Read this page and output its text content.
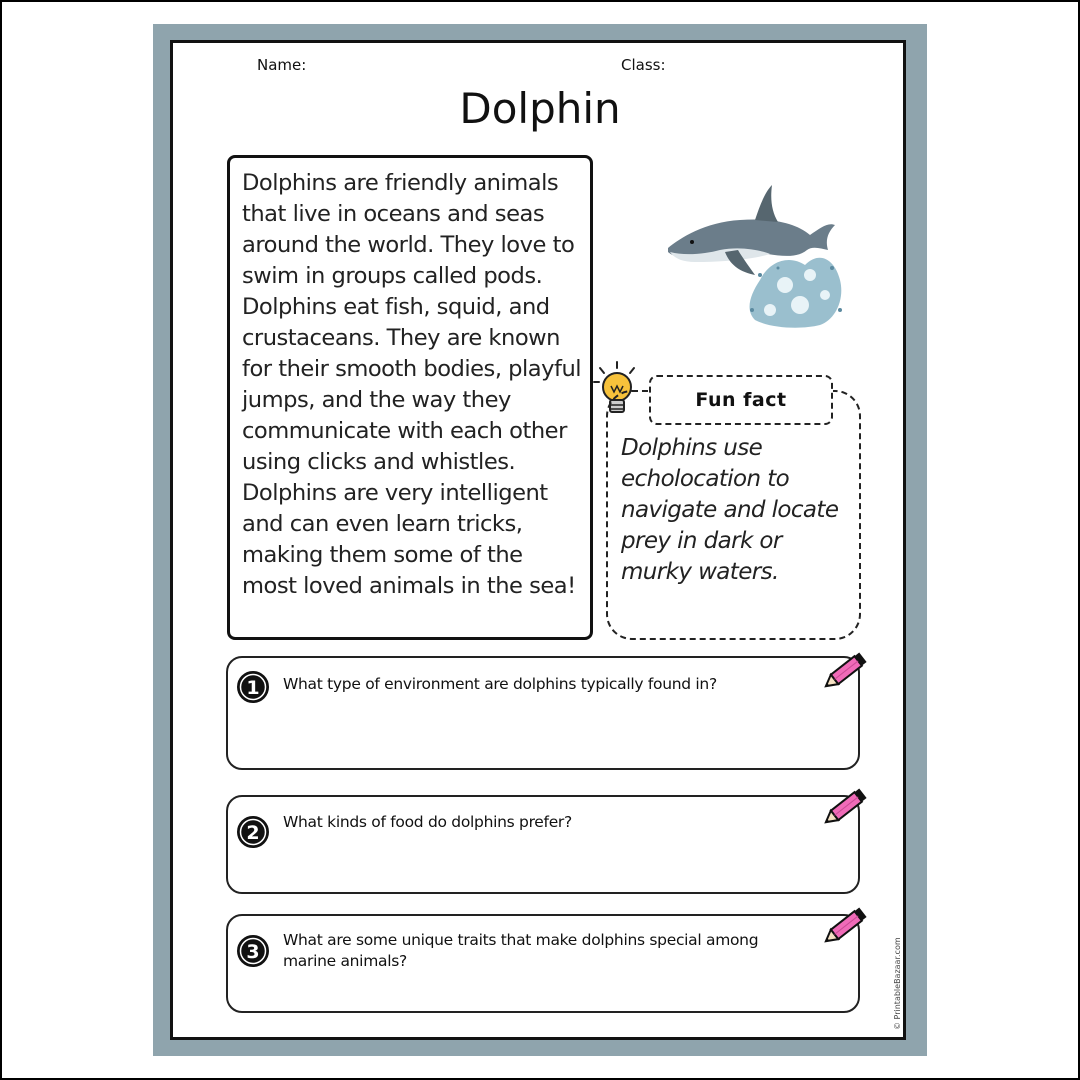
Name:	Class:
Dolphin

Dolphins are friendly animals that live in oceans and seas around the world. They love to swim in groups called pods. Dolphins eat fish, squid, and crustaceans. They are known for their smooth bodies, playful jumps, and the way they communicate with each other using clicks and whistles. Dolphins are very intelligent and can even learn tricks, making them some of the most loved animals in the sea!

Fun fact
Dolphins use echolocation to navigate and locate prey in dark or murky waters.
1 What type of environment are dolphins typically found in?
2 What kinds of food do dolphins prefer?
3
What are some unique traits that make dolphins special among marine animals?	© PrintableBazaar.com
